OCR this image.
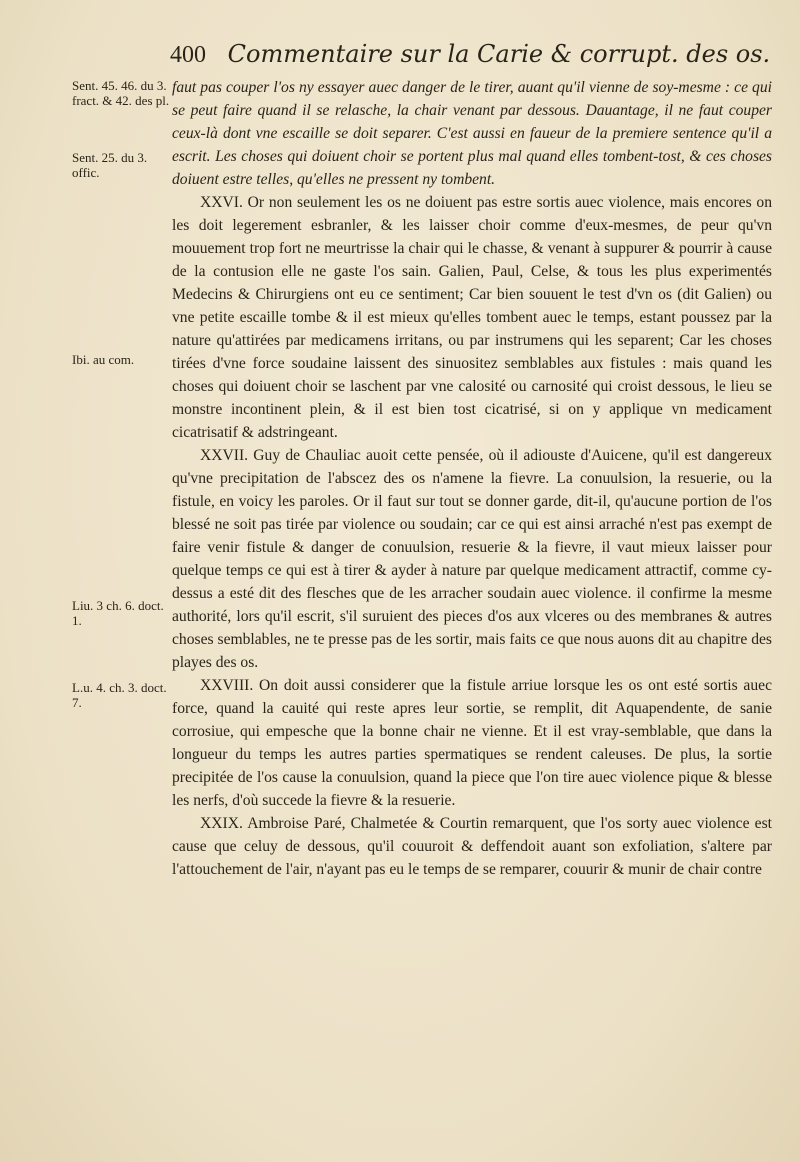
400 Commentaire sur la Carie & corrupt. des os.
Sent. 45. 46. du 3. fract. & 42. des pl.
Sent. 25. du 3. offic.
Ibi. au com.
Liu. 3 ch. 6. doct. 1.
L.u. 4. ch. 3. doct. 7.

faut pas couper l'os ny essayer auec danger de le tirer, auant qu'il vienne de soy-mesme : ce qui se peut faire quand il se relasche, la chair venant par dessous. Dauantage, il ne faut couper ceux-là dont vne escaille se doit separer. C'est aussi en faueur de la premiere sentence qu'il a escrit. Les choses qui doiuent choir se portent plus mal quand elles tombent-tost, & ces choses doiuent estre telles, qu'elles ne pressent ny tombent.

XXVI. Or non seulement les os ne doiuent pas estre sortis auec violence, mais encores on les doit legerement esbranler, & les laisser choir comme d'eux-mesmes, de peur qu'vn mouuement trop fort ne meurtrisse la chair qui le chasse, & venant à suppurer & pourrir à cause de la contusion elle ne gaste l'os sain. Galien, Paul, Celse, & tous les plus experimentés Medecins & Chirurgiens ont eu ce sentiment; Car bien souuent le test d'vn os (dit Galien) ou vne petite escaille tombe & il est mieux qu'elles tombent auec le temps, estant poussez par la nature qu'attirées par medicamens irritans, ou par instrumens qui les separent; Car les choses tirées d'vne force soudaine laissent des sinuositez semblables aux fistules : mais quand les choses qui doiuent choir se laschent par vne calosité ou carnosité qui croist dessous, le lieu se monstre incontinent plein, & il est bien tost cicatrisé, si on y applique vn medicament cicatrisatif & adstringeant.

XXVII. Guy de Chauliac auoit cette pensée, où il adiouste d'Auicene, qu'il est dangereux qu'vne precipitation de l'abscez des os n'amene la fievre. La conuulsion, la resuerie, ou la fistule, en voicy les paroles. Or il faut sur tout se donner garde, dit-il, qu'aucune portion de l'os blessé ne soit pas tirée par violence ou soudain; car ce qui est ainsi arraché n'est pas exempt de faire venir fistule & danger de conuulsion, resuerie & la fievre, il vaut mieux laisser pour quelque temps ce qui est à tirer & ayder à nature par quelque medicament attractif, comme cy-dessus a esté dit des flesches que de les arracher soudain auec violence. il confirme la mesme authorité, lors qu'il escrit, s'il suruient des pieces d'os aux vlceres ou des membranes & autres choses semblables, ne te presse pas de les sortir, mais faits ce que nous auons dit au chapitre des playes des os.

XXVIII. On doit aussi considerer que la fistule arriue lorsque les os ont esté sortis auec force, quand la cauité qui reste apres leur sortie, se remplit, dit Aquapendente, de sanie corrosiue, qui empesche que la bonne chair ne vienne. Et il est vray-semblable, que dans la longueur du temps les autres parties spermatiques se rendent caleuses. De plus, la sortie precipitée de l'os cause la conuulsion, quand la piece que l'on tire auec violence pique & blesse les nerfs, d'où succede la fievre & la resuerie.

XXIX. Ambroise Paré, Chalmetée & Courtin remarquent, que l'os sorty auec violence est cause que celuy de dessous, qu'il couuroit & deffendoit auant son exfoliation, s'altere par l'attouchement de l'air, n'ayant pas eu le temps de se remparer, couurir & munir de chair contre
